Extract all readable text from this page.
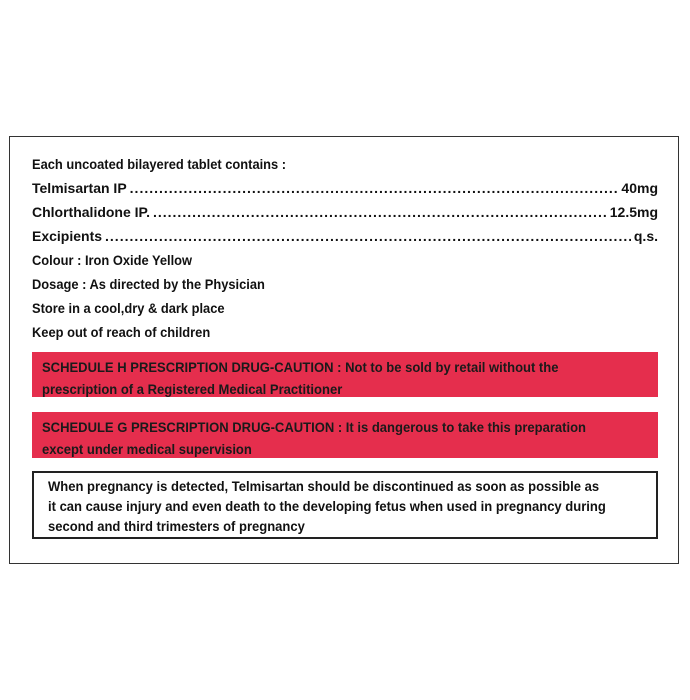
Each uncoated bilayered tablet contains :
Telmisartan IP .....	40mg
Chlorthalidone IP. .....	12.5mg
Excipients .....	q.s.
Colour : Iron Oxide Yellow
Dosage : As directed by the Physician
Store in a cool,dry & dark place
Keep out of reach of children
SCHEDULE H PRESCRIPTION DRUG-CAUTION : Not to be sold by retail without the
prescription of a Registered Medical Practitioner
SCHEDULE G PRESCRIPTION DRUG-CAUTION : It is dangerous to take this preparation
except under medical supervision
When pregnancy is detected, Telmisartan should be discontinued as soon as possible as
it can cause injury and even death to the developing fetus when used in pregnancy during
second and third trimesters of pregnancy
